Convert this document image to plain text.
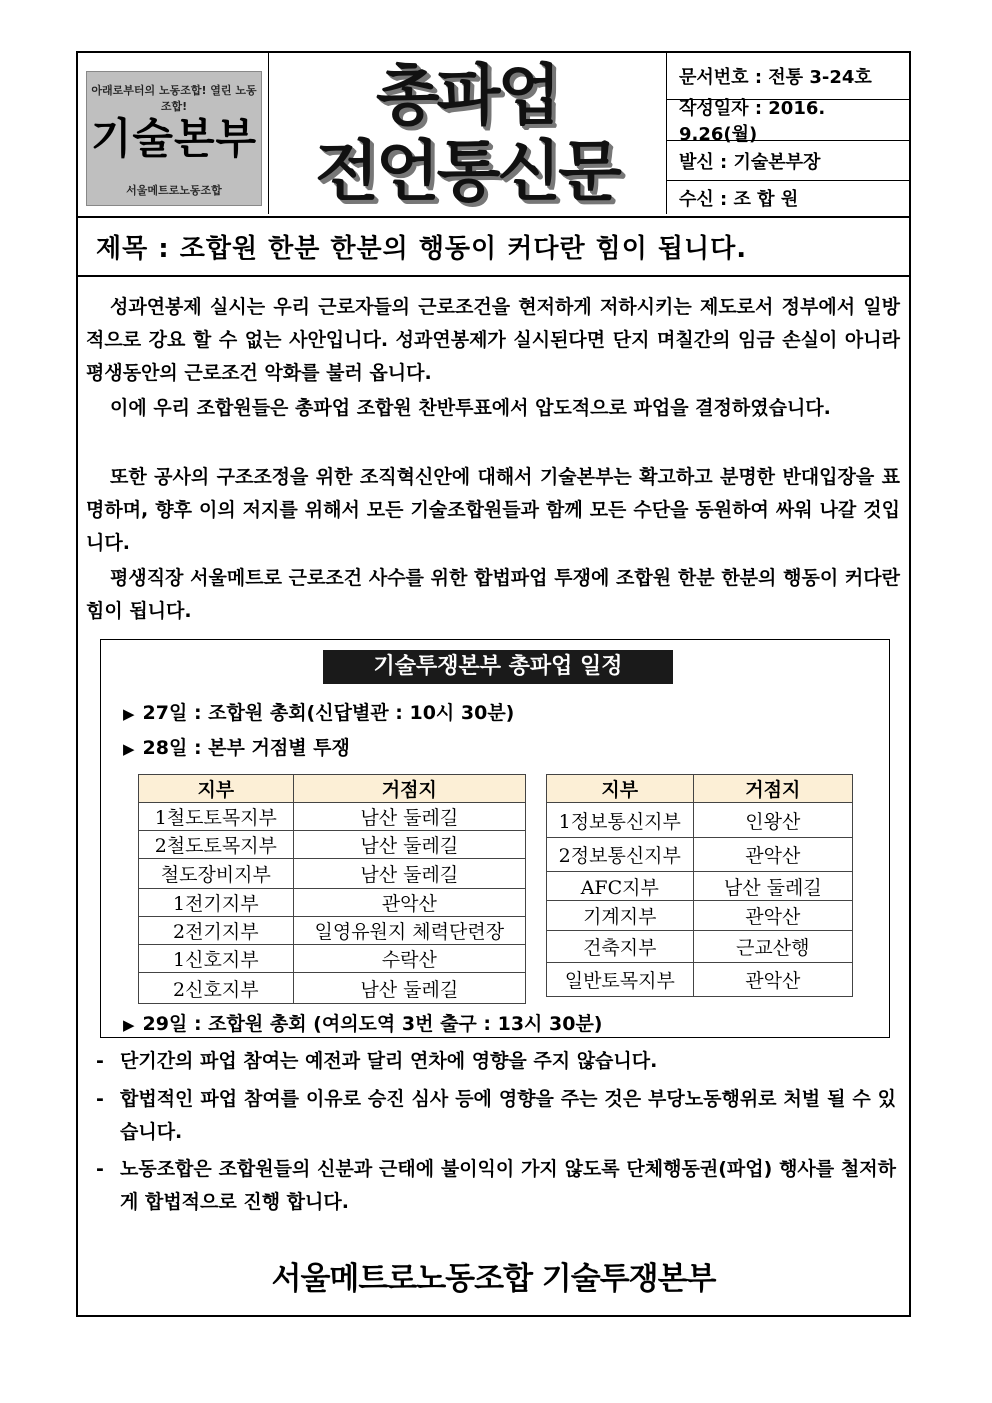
아래로부터의 노동조합! 열린 노동조합!
기술본부
서울메트로노동조합
총파업
전언통신문
문서번호 : 전통 3-24호
작성일자 : 2016. 9.26(월)
발신 : 기술본부장
수신 : 조 합 원
제목 : 조합원 한분 한분의 행동이 커다란 힘이 됩니다.
성과연봉제 실시는 우리 근로자들의 근로조건을 현저하게 저하시키는 제도로서 정부에서 일방적으로 강요 할 수 없는 사안입니다. 성과연봉제가 실시된다면 단지 며칠간의 임금 손실이 아니라 평생동안의 근로조건 악화를 불러 옵니다.
이에 우리 조합원들은 총파업 조합원 찬반투표에서 압도적으로 파업을 결정하였습니다.
또한 공사의 구조조정을 위한 조직혁신안에 대해서 기술본부는 확고하고 분명한 반대입장을 표명하며, 향후 이의 저지를 위해서 모든 기술조합원들과 함께 모든 수단을 동원하여 싸워 나갈 것입니다.
평생직장 서울메트로 근로조건 사수를 위한 합법파업 투쟁에 조합원 한분 한분의 행동이 커다란 힘이 됩니다.
기술투쟁본부 총파업 일정
▶ 27일 : 조합원 총회(신답별관 : 10시 30분)
▶ 28일 : 본부 거점별 투쟁
지부	거점지
1철도토목지부	남산 둘레길
2철도토목지부	남산 둘레길
철도장비지부	남산 둘레길
1전기지부	관악산
2전기지부	일영유원지 체력단련장
1신호지부	수락산
2신호지부	남산 둘레길
지부	거점지
1정보통신지부	인왕산
2정보통신지부	관악산
AFC지부	남산 둘레길
기계지부	관악산
건축지부	근교산행
일반토목지부	관악산
▶ 29일 : 조합원 총회 (여의도역 3번 출구 : 13시 30분)
- 단기간의 파업 참여는 예전과 달리 연차에 영향을 주지 않습니다.
- 합법적인 파업 참여를 이유로 승진 심사 등에 영향을 주는 것은 부당노동행위로 처벌 될 수 있습니다.
- 노동조합은 조합원들의 신분과 근태에 불이익이 가지 않도록 단체행동권(파업) 행사를 철저하게 합법적으로 진행 합니다.
서울메트로노동조합 기술투쟁본부
